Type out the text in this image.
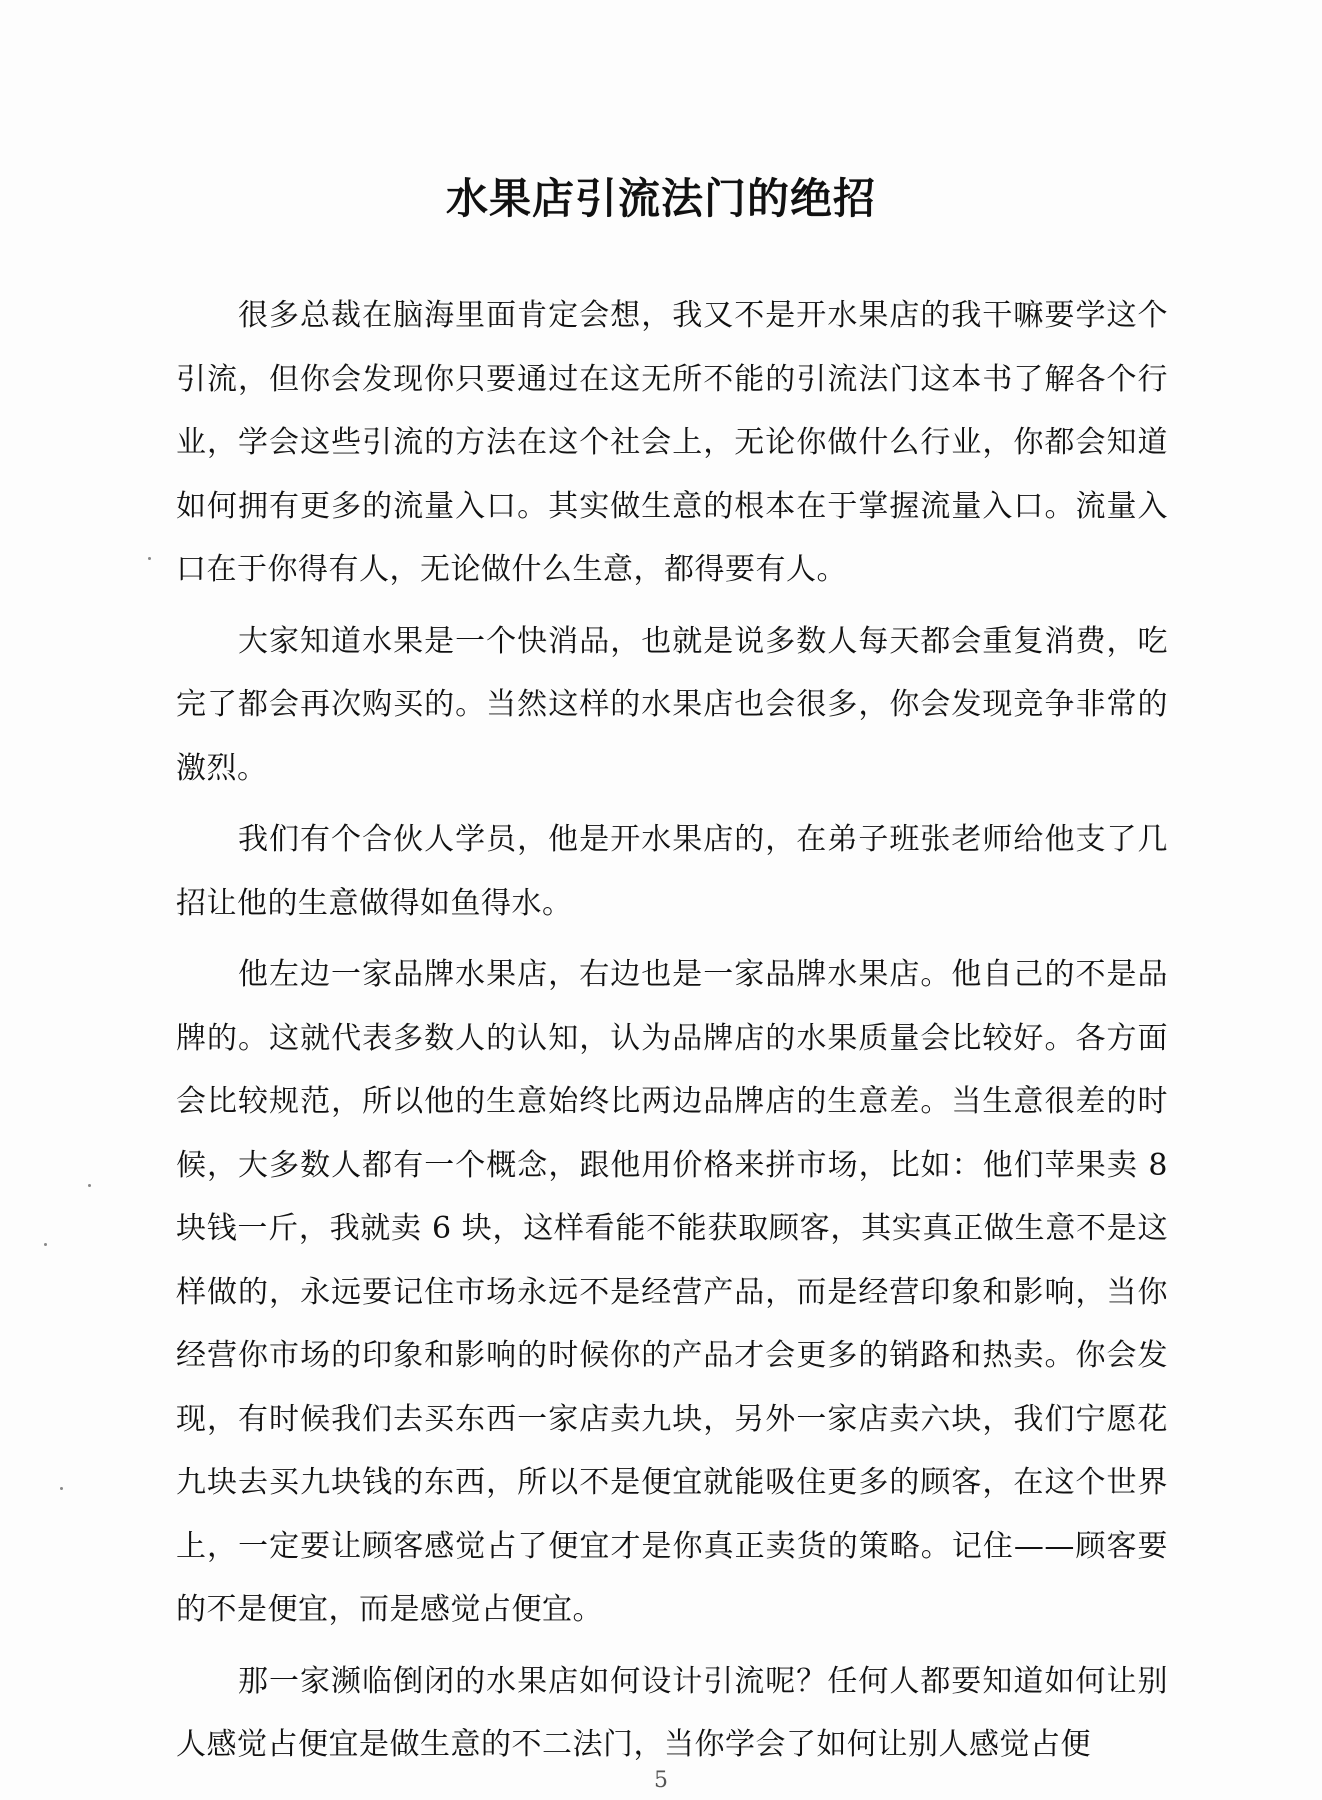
水果店引流法门的绝招

很多总裁在脑海里面肯定会想，我又不是开水果店的我干嘛要学这个引流，但你会发现你只要通过在这无所不能的引流法门这本书了解各个行业，学会这些引流的方法在这个社会上，无论你做什么行业，你都会知道如何拥有更多的流量入口。其实做生意的根本在于掌握流量入口。流量入口在于你得有人，无论做什么生意，都得要有人。

大家知道水果是一个快消品，也就是说多数人每天都会重复消费，吃完了都会再次购买的。当然这样的水果店也会很多，你会发现竞争非常的激烈。

我们有个合伙人学员，他是开水果店的，在弟子班张老师给他支了几招让他的生意做得如鱼得水。

他左边一家品牌水果店，右边也是一家品牌水果店。他自己的不是品牌的。这就代表多数人的认知，认为品牌店的水果质量会比较好。各方面会比较规范，所以他的生意始终比两边品牌店的生意差。当生意很差的时候，大多数人都有一个概念，跟他用价格来拼市场，比如：他们苹果卖 8 块钱一斤，我就卖 6 块，这样看能不能获取顾客，其实真正做生意不是这样做的，永远要记住市场永远不是经营产品，而是经营印象和影响，当你经营你市场的印象和影响的时候你的产品才会更多的销路和热卖。你会发现，有时候我们去买东西一家店卖九块，另外一家店卖六块，我们宁愿花九块去买九块钱的东西，所以不是便宜就能吸住更多的顾客，在这个世界上，一定要让顾客感觉占了便宜才是你真正卖货的策略。记住——顾客要的不是便宜，而是感觉占便宜。

那一家濒临倒闭的水果店如何设计引流呢？任何人都要知道如何让别人感觉占便宜是做生意的不二法门，当你学会了如何让别人感觉占便

5
